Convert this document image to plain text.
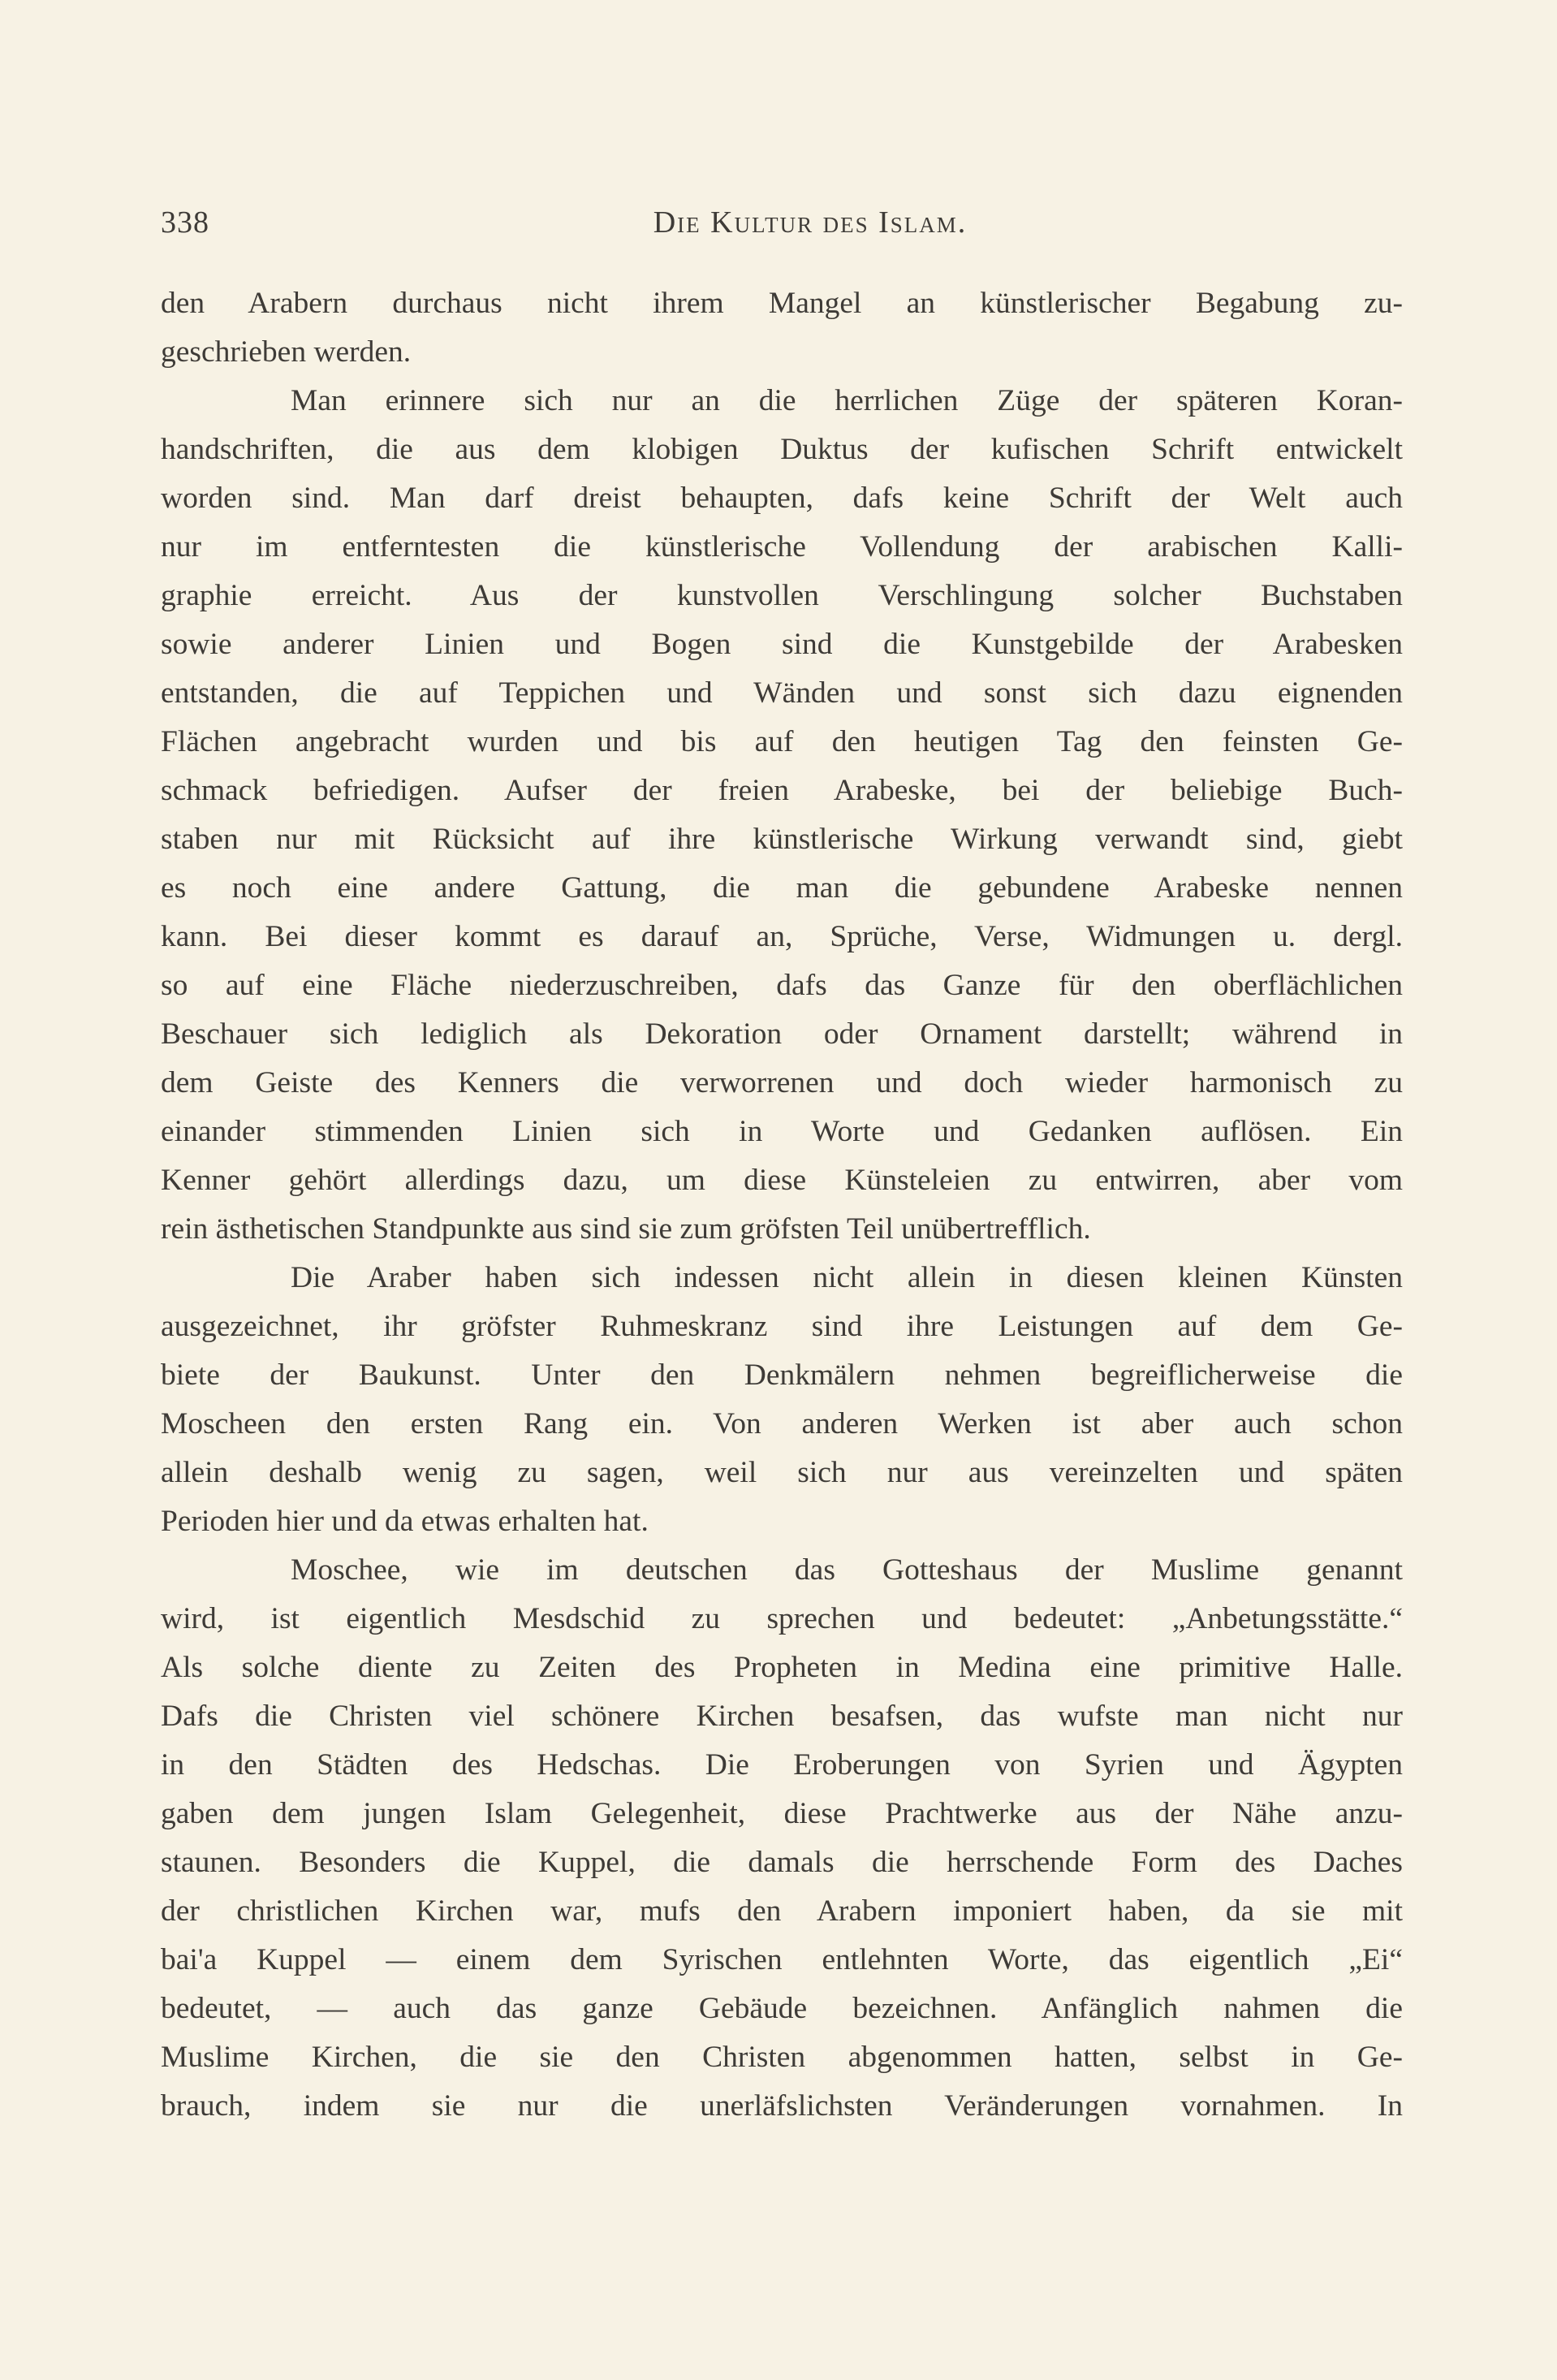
338	Die Kultur des Islam.
den Arabern durchaus nicht ihrem Mangel an künstlerischer Begabung zu-
geschrieben werden.
Man erinnere sich nur an die herrlichen Züge der späteren Koran-
handschriften, die aus dem klobigen Duktus der kufischen Schrift entwickelt
worden sind. Man darf dreist behaupten, dafs keine Schrift der Welt auch
nur im entferntesten die künstlerische Vollendung der arabischen Kalli-
graphie erreicht. Aus der kunstvollen Verschlingung solcher Buchstaben
sowie anderer Linien und Bogen sind die Kunstgebilde der Arabesken
entstanden, die auf Teppichen und Wänden und sonst sich dazu eignenden
Flächen angebracht wurden und bis auf den heutigen Tag den feinsten Ge-
schmack befriedigen. Aufser der freien Arabeske, bei der beliebige Buch-
staben nur mit Rücksicht auf ihre künstlerische Wirkung verwandt sind, giebt
es noch eine andere Gattung, die man die gebundene Arabeske nennen
kann. Bei dieser kommt es darauf an, Sprüche, Verse, Widmungen u. dergl.
so auf eine Fläche niederzuschreiben, dafs das Ganze für den oberflächlichen
Beschauer sich lediglich als Dekoration oder Ornament darstellt; während in
dem Geiste des Kenners die verworrenen und doch wieder harmonisch zu
einander stimmenden Linien sich in Worte und Gedanken auflösen. Ein
Kenner gehört allerdings dazu, um diese Künsteleien zu entwirren, aber vom
rein ästhetischen Standpunkte aus sind sie zum gröfsten Teil unübertrefflich.
Die Araber haben sich indessen nicht allein in diesen kleinen Künsten
ausgezeichnet, ihr gröfster Ruhmeskranz sind ihre Leistungen auf dem Ge-
biete der Baukunst. Unter den Denkmälern nehmen begreiflicherweise die
Moscheen den ersten Rang ein. Von anderen Werken ist aber auch schon
allein deshalb wenig zu sagen, weil sich nur aus vereinzelten und späten
Perioden hier und da etwas erhalten hat.
Moschee, wie im deutschen das Gotteshaus der Muslime genannt
wird, ist eigentlich Mesdschid zu sprechen und bedeutet: „Anbetungsstätte.“
Als solche diente zu Zeiten des Propheten in Medina eine primitive Halle.
Dafs die Christen viel schönere Kirchen besafsen, das wufste man nicht nur
in den Städten des Hedschas. Die Eroberungen von Syrien und Ägypten
gaben dem jungen Islam Gelegenheit, diese Prachtwerke aus der Nähe anzu-
staunen. Besonders die Kuppel, die damals die herrschende Form des Daches
der christlichen Kirchen war, mufs den Arabern imponiert haben, da sie mit
bai'a Kuppel — einem dem Syrischen entlehnten Worte, das eigentlich „Ei“
bedeutet, — auch das ganze Gebäude bezeichnen. Anfänglich nahmen die
Muslime Kirchen, die sie den Christen abgenommen hatten, selbst in Ge-
brauch, indem sie nur die unerläfslichsten Veränderungen vornahmen. In
